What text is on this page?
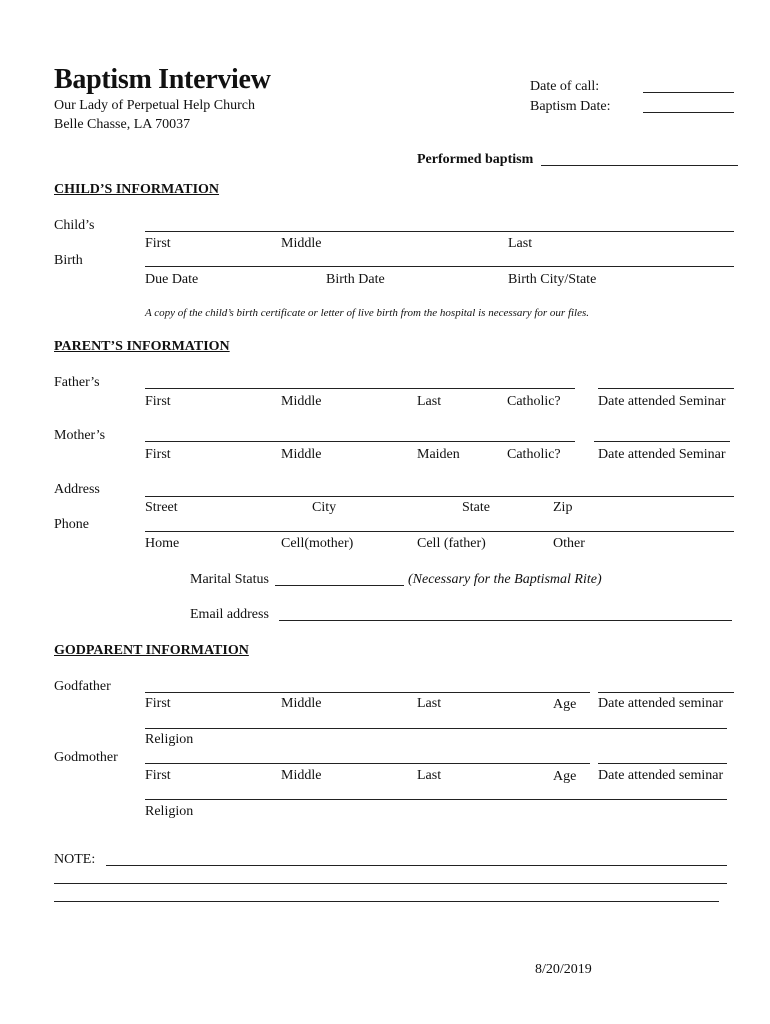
Baptism Interview
Our Lady of Perpetual Help Church
Belle Chasse, LA 70037
Date of call:
Baptism Date:
Performed baptism
CHILD’S INFORMATION
Child’s
First	Middle	Last
Birth
Due Date	Birth Date	Birth City/State
A copy of the child’s birth certificate or letter of live birth from the hospital is necessary for our files.
PARENT’S INFORMATION
Father’s
First	Middle	Last	Catholic?	Date attended Seminar
Mother’s
First	Middle	Maiden	Catholic?	Date attended Seminar
Address
Street	City	State	Zip
Phone
Home	Cell(mother)	Cell (father)	Other
Marital Status	(Necessary for the Baptismal Rite)
Email address
GODPARENT INFORMATION
Godfather
First	Middle	Last	Age Date attended seminar
Religion
Godmother
First	Middle	Last	Age Date attended seminar
Religion
NOTE:
8/20/2019
